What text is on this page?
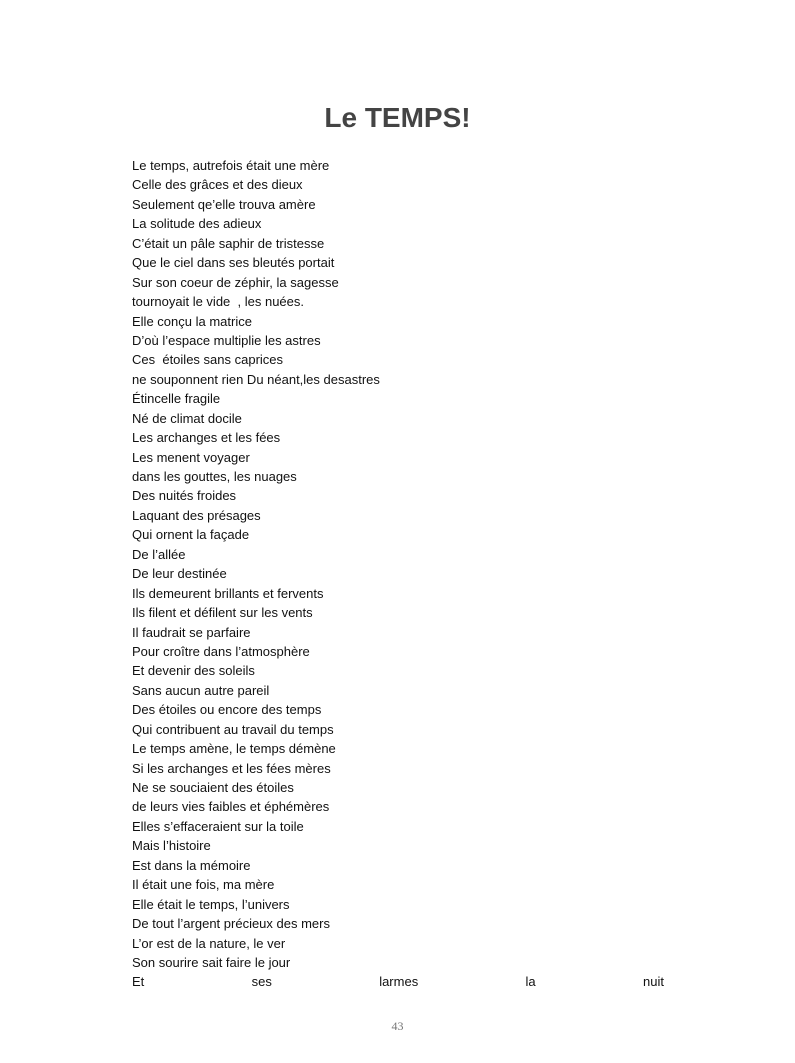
Le TEMPS!
Le temps, autrefois était une mère
Celle des grâces et des dieux
Seulement qe’elle trouva amère
La solitude des adieux
C’était un pâle saphir de tristesse
Que le ciel dans ses bleutés portait
Sur son coeur de zéphir, la sagesse
tournoyait le vide  , les nuées.
Elle conçu la matrice
D’où l’espace multiplie les astres
Ces  étoiles sans caprices
ne souponnent rien Du néant,les desastres
Étincelle fragile
Né de climat docile
Les archanges et les fées
Les menent voyager
dans les gouttes, les nuages
Des nuités froides
Laquant des présages
Qui ornent la façade
De l’allée
De leur destinée
Ils demeurent brillants et fervents
Ils filent et défilent sur les vents
Il faudrait se parfaire
Pour croître dans l’atmosphère
Et devenir des soleils
Sans aucun autre pareil
Des étoiles ou encore des temps
Qui contribuent au travail du temps
Le temps amène, le temps démène
Si les archanges et les fées mères
Ne se souciaient des étoiles
de leurs vies faibles et éphémères
Elles s’effaceraient sur la toile
Mais l’histoire
Est dans la mémoire
Il était une fois, ma mère
Elle était le temps, l’univers
De tout l’argent précieux des mers
L’or est de la nature, le ver
Son sourire sait faire le jour
Et	ses	larmes	la	nuit
43
